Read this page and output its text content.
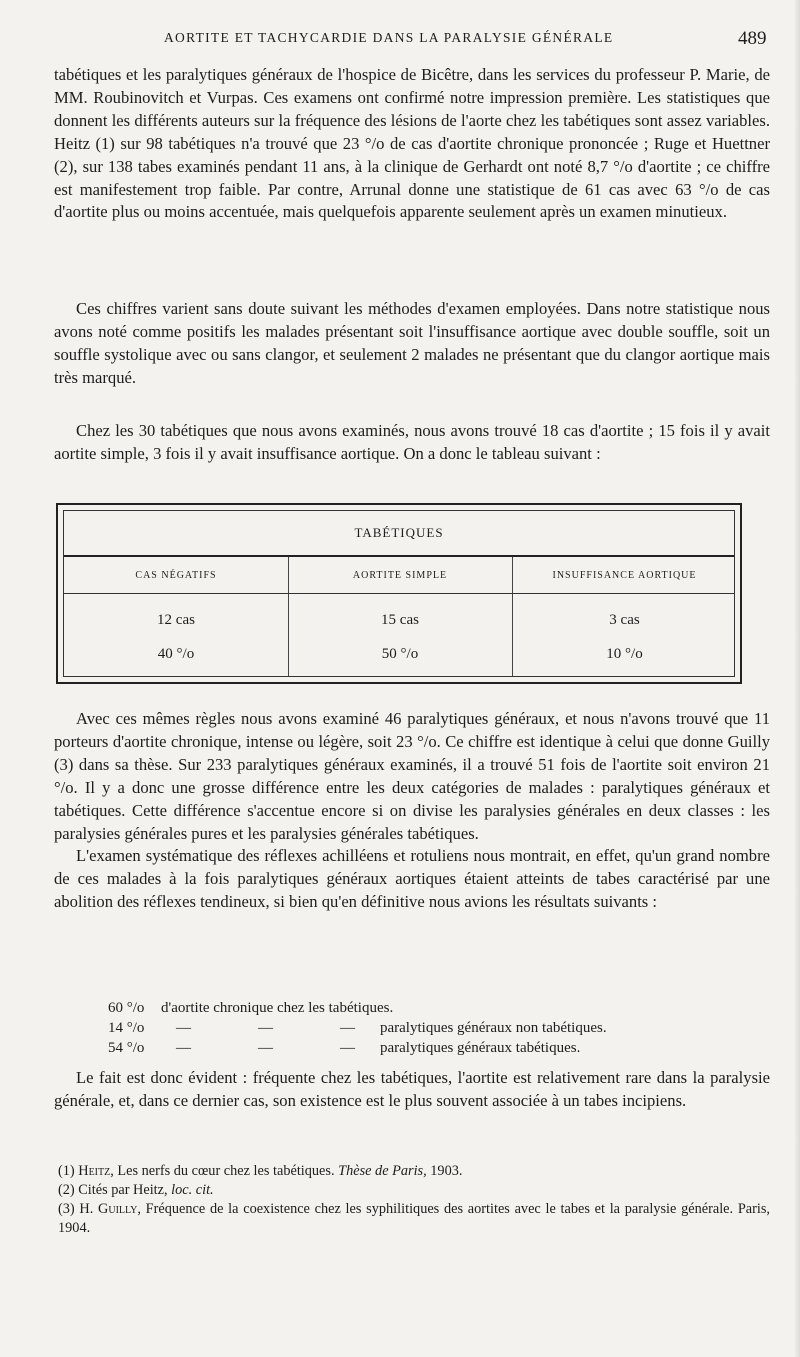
AORTITE ET TACHYCARDIE DANS LA PARALYSIE GÉNÉRALE	489

tabétiques et les paralytiques généraux de l'hospice de Bicêtre, dans les services du professeur P. Marie, de MM. Roubinovitch et Vurpas. Ces examens ont confirmé notre impression première. Les statistiques que donnent les différents auteurs sur la fréquence des lésions de l'aorte chez les tabétiques sont assez variables. Heitz (1) sur 98 tabétiques n'a trouvé que 23 °/o de cas d'aortite chronique prononcée ; Ruge et Huettner (2), sur 138 tabes examinés pendant 11 ans, à la clinique de Gerhardt ont noté 8,7 °/o d'aortite ; ce chiffre est manifestement trop faible. Par contre, Arrunal donne une statistique de 61 cas avec 63 °/o de cas d'aortite plus ou moins accentuée, mais quelquefois apparente seulement après un examen minutieux.

Ces chiffres varient sans doute suivant les méthodes d'examen employées. Dans notre statistique nous avons noté comme positifs les malades présentant soit l'insuffisance aortique avec double souffle, soit un souffle systolique avec ou sans clangor, et seulement 2 malades ne présentant que du clangor aortique mais très marqué.

Chez les 30 tabétiques que nous avons examinés, nous avons trouvé 18 cas d'aortite ; 15 fois il y avait aortite simple, 3 fois il y avait insuffisance aortique. On a donc le tableau suivant :

TABÉTIQUES
CAS NÉGATIFS	AORTITE SIMPLE	INSUFFISANCE AORTIQUE
12 cas	15 cas	3 cas
40 °/o	50 °/o	10 °/o

Avec ces mêmes règles nous avons examiné 46 paralytiques généraux, et nous n'avons trouvé que 11 porteurs d'aortite chronique, intense ou légère, soit 23 °/o. Ce chiffre est identique à celui que donne Guilly (3) dans sa thèse. Sur 233 paralytiques généraux examinés, il a trouvé 51 fois de l'aortite soit environ 21 °/o. Il y a donc une grosse différence entre les deux catégories de malades : paralytiques généraux et tabétiques. Cette différence s'accentue encore si on divise les paralysies générales en deux classes : les paralysies générales pures et les paralysies générales tabétiques.

L'examen systématique des réflexes achilléens et rotuliens nous montrait, en effet, qu'un grand nombre de ces malades à la fois paralytiques généraux aortiques étaient atteints de tabes caractérisé par une abolition des réflexes tendineux, si bien qu'en définitive nous avions les résultats suivants :

60 °/o d'aortite chronique chez les tabétiques.
14 °/o —	—	— paralytiques généraux non tabétiques.
54 °/o —	—	— paralytiques généraux tabétiques.

Le fait est donc évident : fréquente chez les tabétiques, l'aortite est relativement rare dans la paralysie générale, et, dans ce dernier cas, son existence est le plus souvent associée à un tabes incipiens.

(1) Heitz, Les nerfs du cœur chez les tabétiques. Thèse de Paris, 1903.

(2) Cités par Heitz, loc. cit.

(3) H. Guilly, Fréquence de la coexistence chez les syphilitiques des aortites avec le tabes et la paralysie générale. Paris, 1904.
